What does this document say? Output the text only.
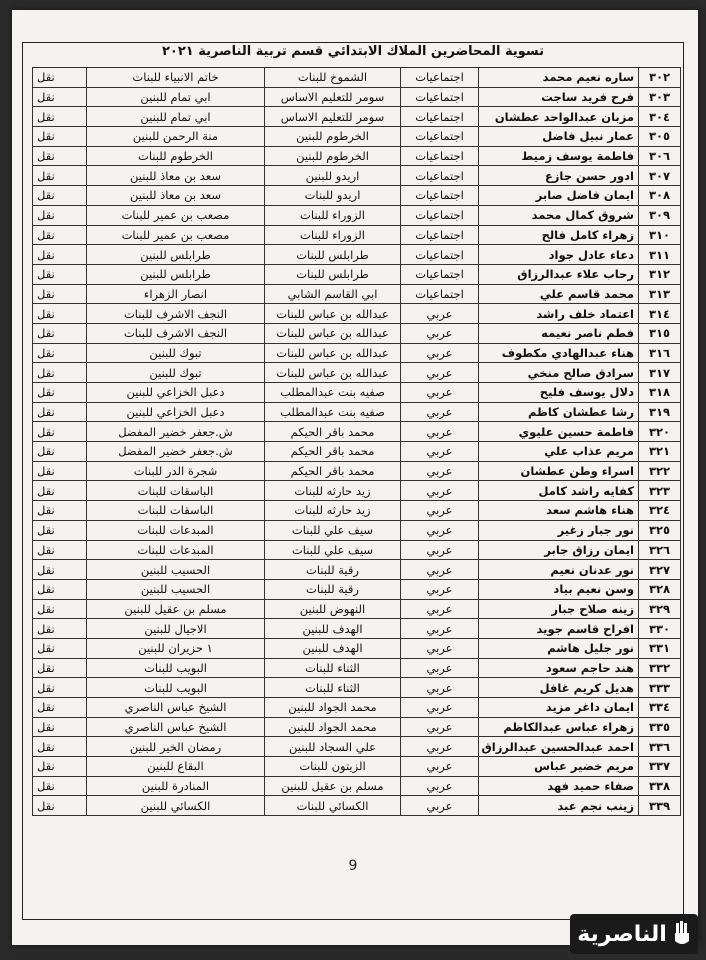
تسوية المحاضرين الملاك الابتدائي قسم تربية الناصرية ٢٠٢١
٣٠٢	ساره نعيم محمد	اجتماعيات	الشموخ للبنات	خاتم الانبياء للبنات	نقل
٣٠٣	فرح فريد ساجت	اجتماعيات	سومر للتعليم الاساس	ابي تمام للبنين	نقل
٣٠٤	مزبان عبدالواحد عطشان	اجتماعيات	سومر للتعليم الاساس	ابي تمام للبنين	نقل
٣٠٥	عمار نبيل فاضل	اجتماعيات	الخرطوم للبنين	منة الرحمن للبنين	نقل
٣٠٦	فاطمة يوسف زميط	اجتماعيات	الخرطوم للبنين	الخرطوم للبنات	نقل
٣٠٧	ادور حسن جازع	اجتماعيات	اريدو للبنين	سعد بن معاذ للبنين	نقل
٣٠٨	ايمان فاضل صابر	اجتماعيات	اريدو للبنات	سعد بن معاذ للبنين	نقل
٣٠٩	شروق كمال محمد	اجتماعيات	الزوراء للبنات	مصعب بن عمير للبنات	نقل
٣١٠	زهراء كامل فالح	اجتماعيات	الزوراء للبنات	مصعب بن عمير للبنات	نقل
٣١١	دعاء عادل جواد	اجتماعيات	طرابلس للبنات	طرابلس للبنين	نقل
٣١٢	رحاب علاء عبدالرزاق	اجتماعيات	طرابلس للبنات	طرابلس للبنين	نقل
٣١٣	محمد قاسم علي	اجتماعيات	ابي القاسم الشابي	انصار الزهراء	نقل
٣١٤	اعتماد خلف راشد	عربي	عبدالله بن عباس للبنات	النجف الاشرف للبنات	نقل
٣١٥	فطم ناصر نعيمه	عربي	عبدالله بن عباس للبنات	النجف الاشرف للبنات	نقل
٣١٦	هناء عبدالهادي مكطوف	عربي	عبدالله بن عباس للبنات	تبوك للبنين	نقل
٣١٧	سرادق صالح منخي	عربي	عبدالله بن عباس للبنات	تبوك للبنين	نقل
٣١٨	دلال يوسف فليح	عربي	صفيه بنت عبدالمطلب	دعبل الخزاعي للبنين	نقل
٣١٩	رشا عطشان كاظم	عربي	صفيه بنت عبدالمطلب	دعبل الخزاعي للبنين	نقل
٣٢٠	فاطمة حسين عليوي	عربي	محمد باقر الحيكم	ش.جعفر خضير المفضل	نقل
٣٢١	مريم عذاب علي	عربي	محمد باقر الحيكم	ش.جعفر خضير المفضل	نقل
٣٢٢	اسراء وطن عطشان	عربي	محمد باقر الحيكم	شجرة الدر للبنات	نقل
٣٢٣	كفايه راشد كامل	عربي	زيد حارثه للبنات	الباسقات للبنات	نقل
٣٢٤	هناء هاشم سعد	عربي	زيد حارثه للبنات	الباسقات للبنات	نقل
٣٢٥	نور جبار زغير	عربي	سيف علي للبنات	المبدعات للبنات	نقل
٣٢٦	ايمان رزاق جابر	عربي	سيف علي للبنات	المبدعات للبنات	نقل
٣٢٧	نور عدنان نعيم	عربي	رقية للبنات	الحسيب للبنين	نقل
٣٢٨	وسن نعيم بياد	عربي	رقية للبنات	الحسيب للبنين	نقل
٣٢٩	زينه صلاح جبار	عربي	النهوض للبنين	مسلم بن عقيل للبنين	نقل
٣٣٠	افراح قاسم جويد	عربي	الهدف للبنين	الاجيال للبنين	نقل
٣٣١	نور جليل هاشم	عربي	الهدف للبنين	١ حزيران للبنين	نقل
٣٣٢	هند حاجم سعود	عربي	الثناء للبنات	البويب للبنات	نقل
٣٣٣	هديل كريم غافل	عربي	الثناء للبنات	البويب للبنات	نقل
٣٣٤	ايمان داغر مزيد	عربي	محمد الجواد للبنين	الشيخ عباس الناصري	نقل
٣٣٥	زهراء عباس عبدالكاظم	عربي	محمد الجواد للبنين	الشيخ عباس الناصري	نقل
٣٣٦	احمد عبدالحسين عبدالرزاق	عربي	علي السجاد للبنين	رمضان الخير للبنين	نقل
٣٣٧	مريم خضير عباس	عربي	الزيتون للبنات	البقاع للبنين	نقل
٣٣٨	صفاء حميد فهد	عربي	مسلم بن عقيل للبنين	المنادرة للبنين	نقل
٣٣٩	زينب نجم عبد	عربي	الكسائي للبنات	الكسائي للبنين	نقل
9
الناصرية
